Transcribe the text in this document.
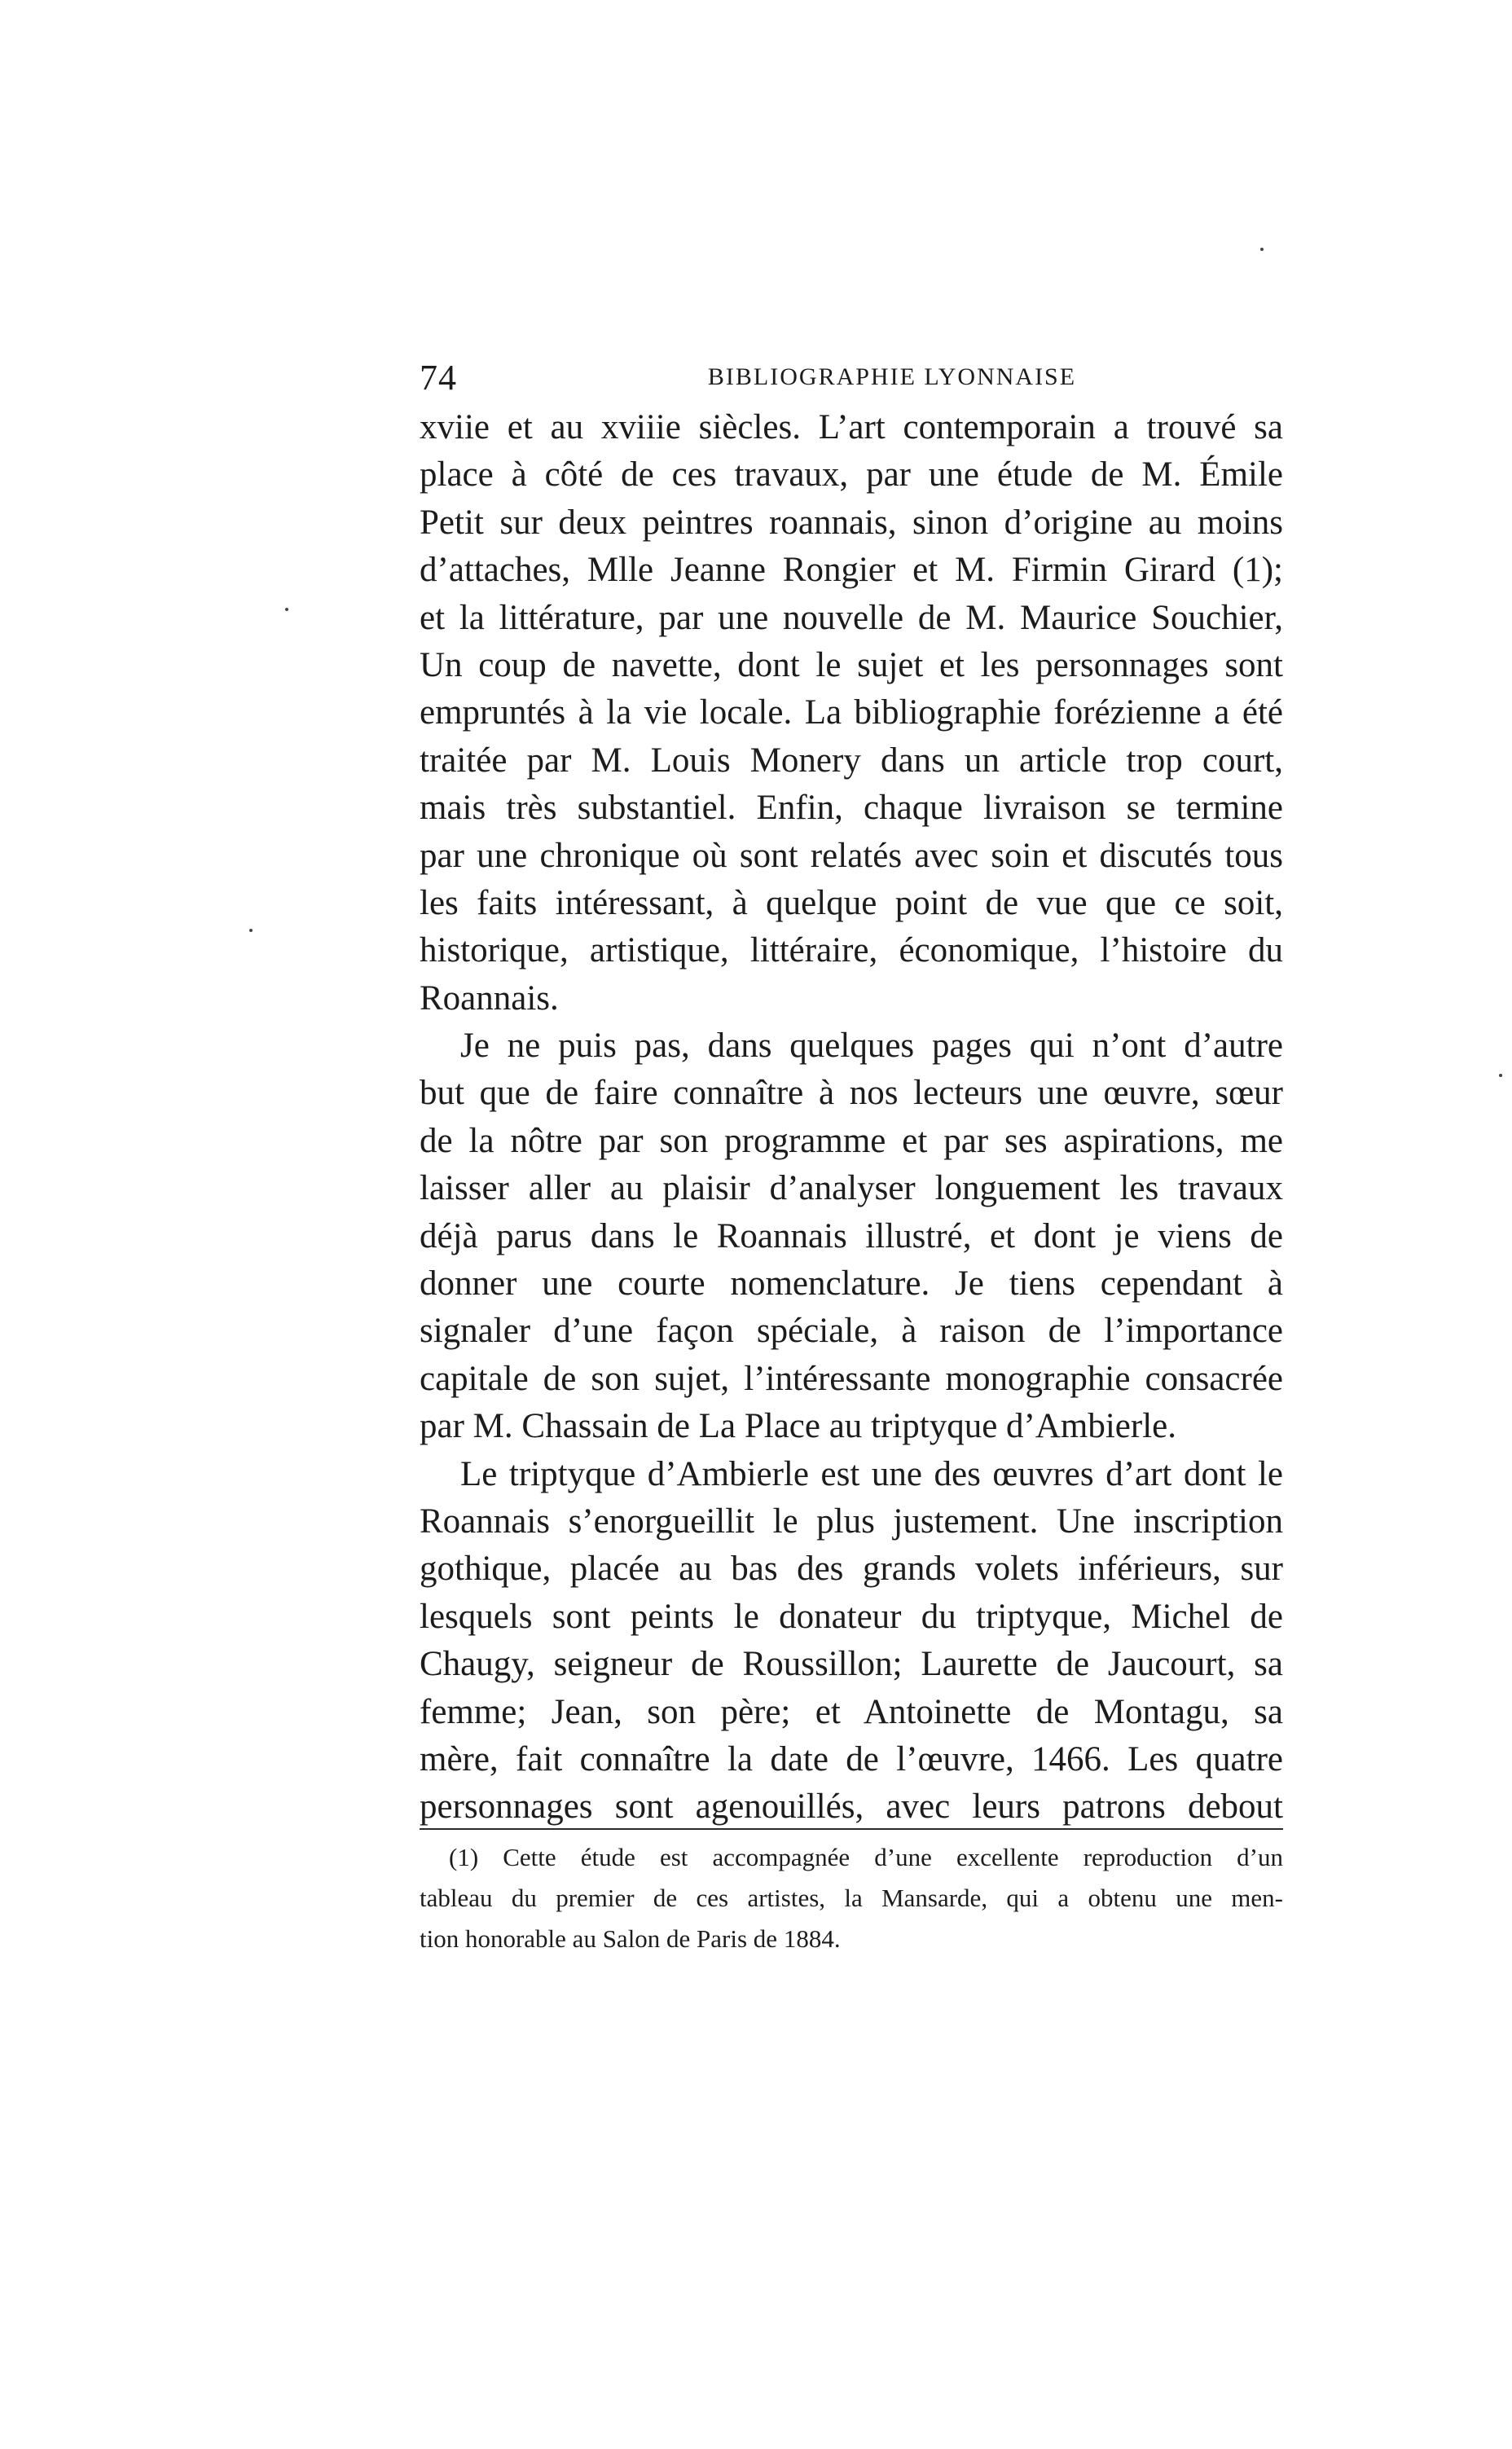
74	BIBLIOGRAPHIE LYONNAISE
xviie et au xviiie siècles. L’art contemporain a trouvé sa
place à côté de ces travaux, par une étude de M. Émile
Petit sur deux peintres roannais, sinon d’origine au moins
d’attaches, Mlle Jeanne Rongier et M. Firmin Girard (1);
et la littérature, par une nouvelle de M. Maurice Souchier,
Un coup de navette, dont le sujet et les personnages sont
empruntés à la vie locale. La bibliographie forézienne a été
traitée par M. Louis Monery dans un article trop court,
mais très substantiel. Enfin, chaque livraison se termine
par une chronique où sont relatés avec soin et discutés tous
les faits intéressant, à quelque point de vue que ce soit,
historique, artistique, littéraire, économique, l’histoire du
Roannais.
Je ne puis pas, dans quelques pages qui n’ont d’autre
but que de faire connaître à nos lecteurs une œuvre, sœur
de la nôtre par son programme et par ses aspirations, me
laisser aller au plaisir d’analyser longuement les travaux
déjà parus dans le Roannais illustré, et dont je viens de
donner une courte nomenclature. Je tiens cependant à
signaler d’une façon spéciale, à raison de l’importance
capitale de son sujet, l’intéressante monographie consacrée
par M. Chassain de La Place au triptyque d’Ambierle.
Le triptyque d’Ambierle est une des œuvres d’art dont le
Roannais s’enorgueillit le plus justement. Une inscription
gothique, placée au bas des grands volets inférieurs, sur
lesquels sont peints le donateur du triptyque, Michel de
Chaugy, seigneur de Roussillon; Laurette de Jaucourt, sa
femme; Jean, son père; et Antoinette de Montagu, sa
mère, fait connaître la date de l’œuvre, 1466. Les quatre
personnages sont agenouillés, avec leurs patrons debout
(1) Cette étude est accompagnée d’une excellente reproduction d’un
tableau du premier de ces artistes, la Mansarde, qui a obtenu une men-
tion honorable au Salon de Paris de 1884.
